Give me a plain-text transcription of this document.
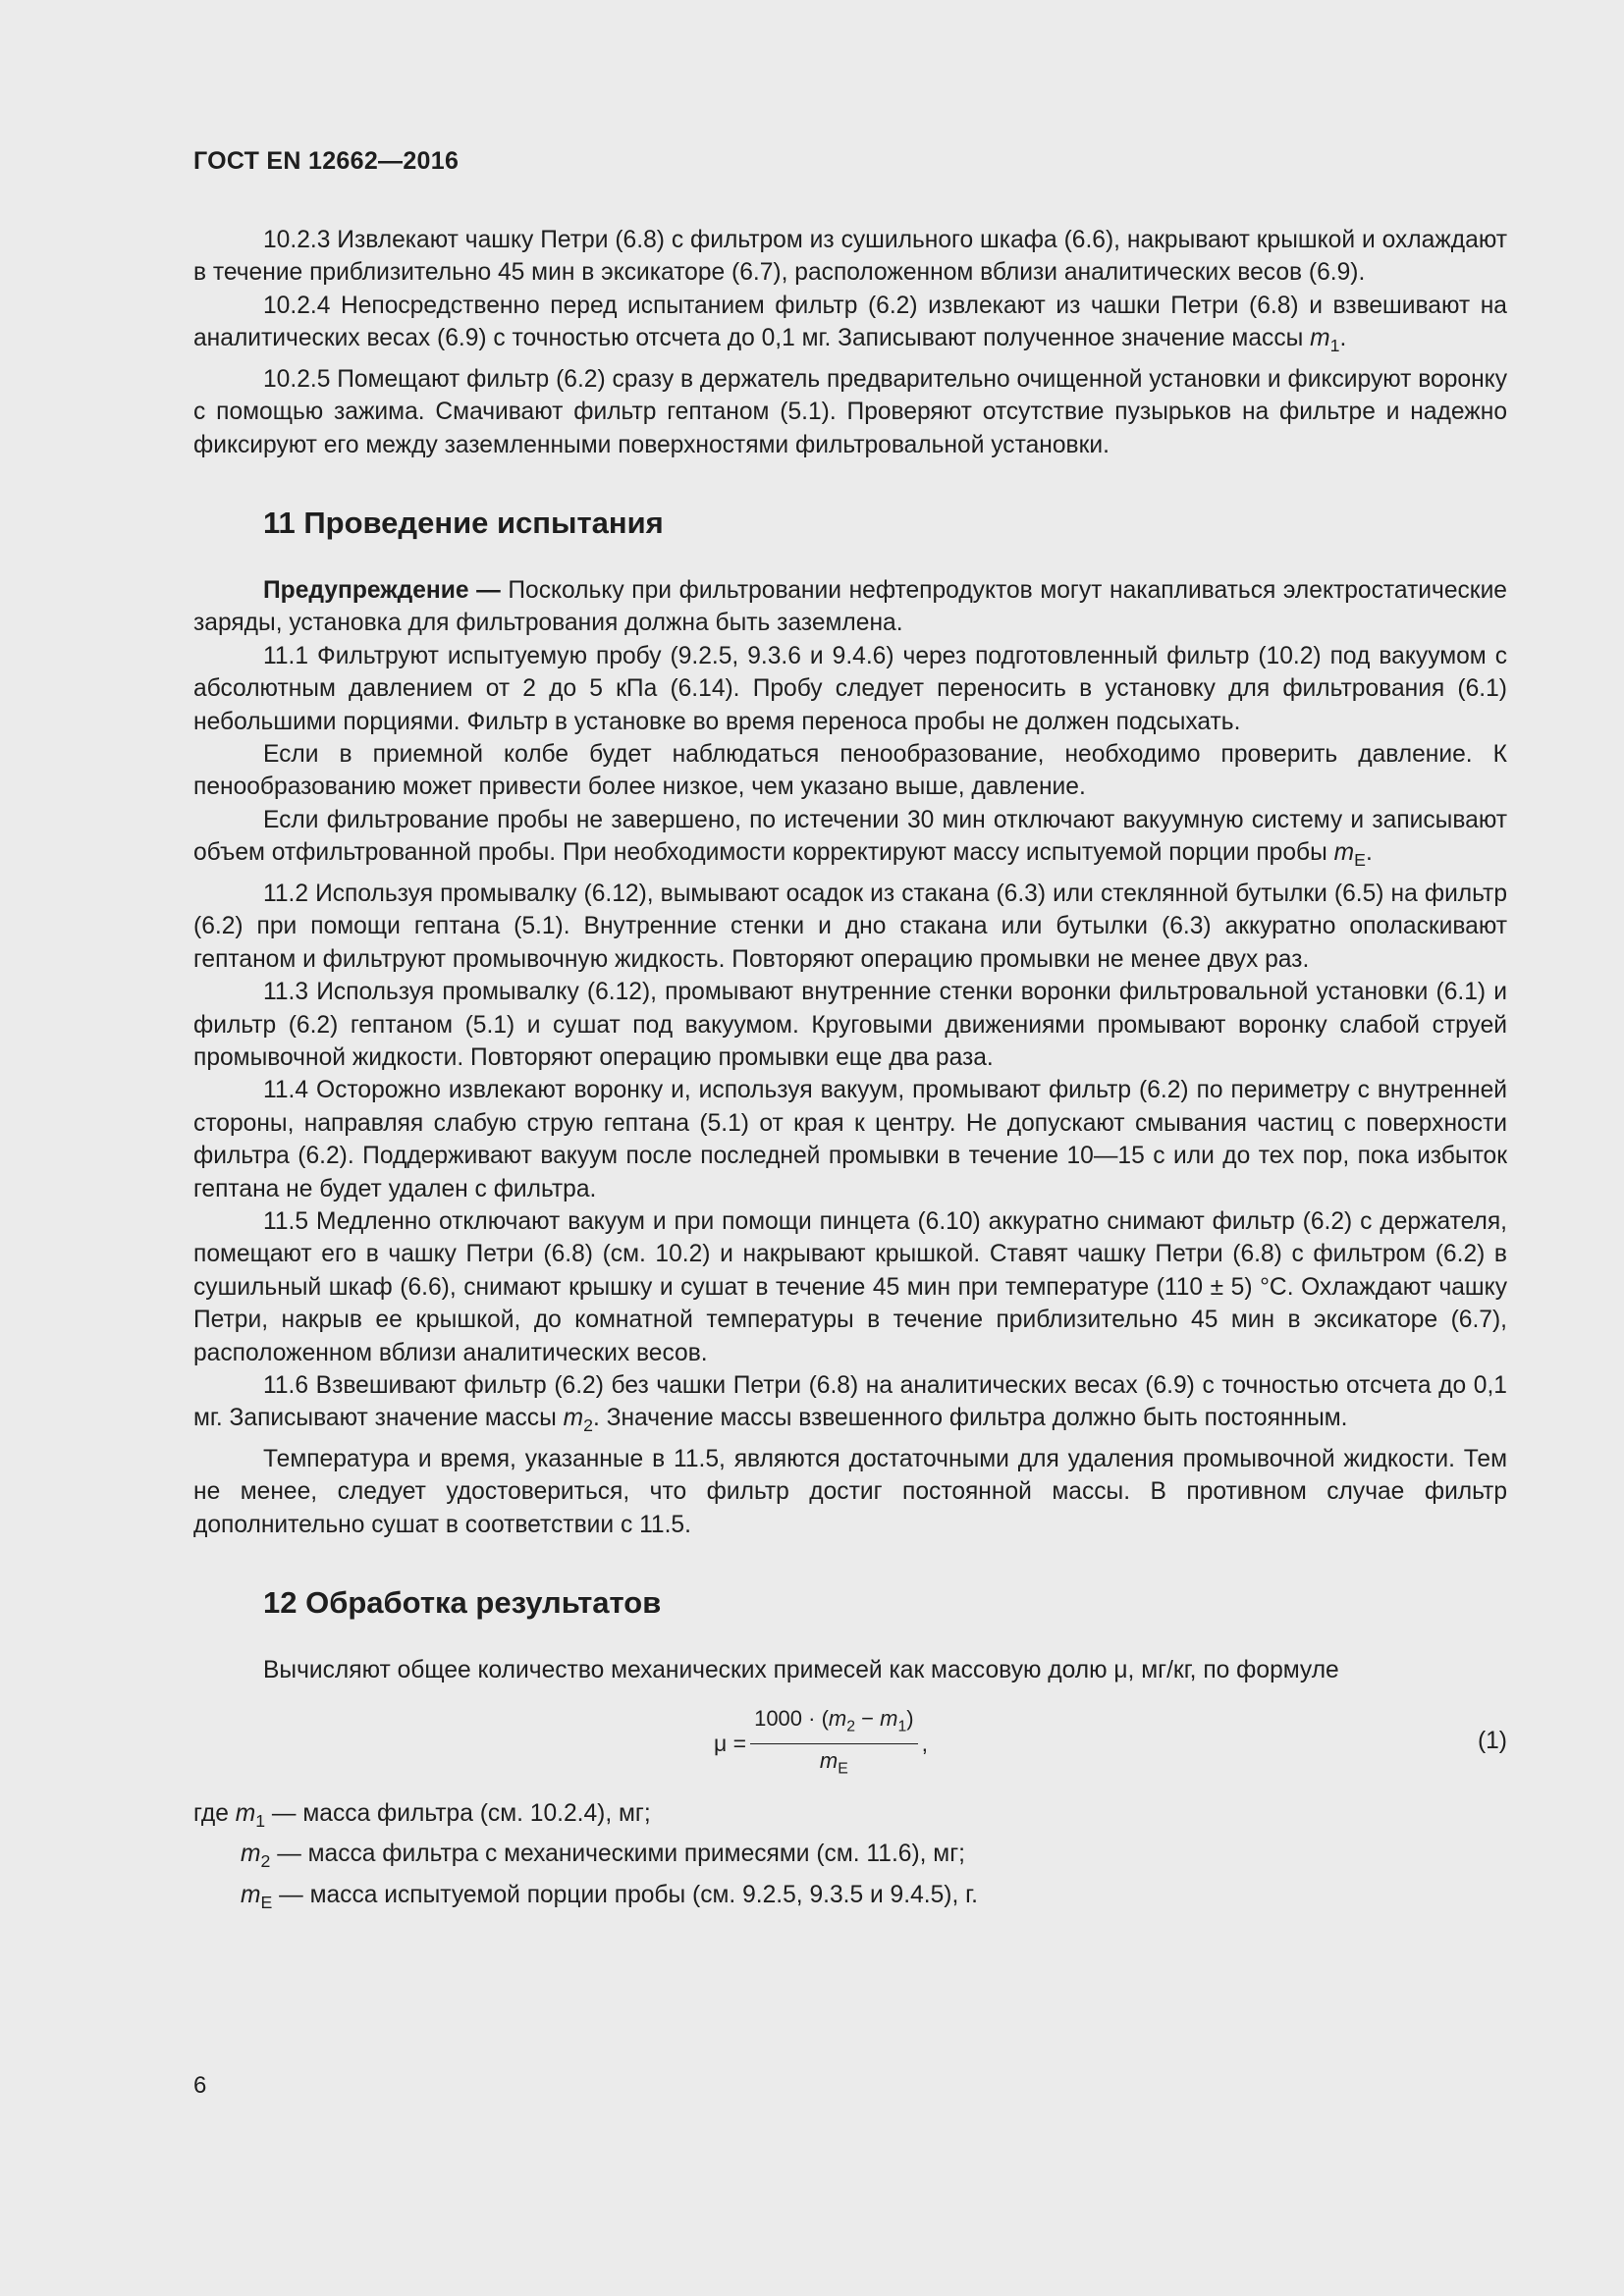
ГОСТ EN 12662—2016

10.2.3 Извлекают чашку Петри (6.8) с фильтром из сушильного шкафа (6.6), накрывают крышкой и охлаждают в течение приблизительно 45 мин в эксикаторе (6.7), расположенном вблизи аналитических весов (6.9).

10.2.4 Непосредственно перед испытанием фильтр (6.2) извлекают из чашки Петри (6.8) и взвешивают на аналитических весах (6.9) с точностью отсчета до 0,1 мг. Записывают полученное значение массы $m_1$.

10.2.5 Помещают фильтр (6.2) сразу в держатель предварительно очищенной установки и фиксируют воронку с помощью зажима. Смачивают фильтр гептаном (5.1). Проверяют отсутствие пузырьков на фильтре и надежно фиксируют его между заземленными поверхностями фильтровальной установки.

11 Проведение испытания

Предупреждение — Поскольку при фильтровании нефтепродуктов могут накапливаться электростатические заряды, установка для фильтрования должна быть заземлена.

11.1 Фильтруют испытуемую пробу (9.2.5, 9.3.6 и 9.4.6) через подготовленный фильтр (10.2) под вакуумом с абсолютным давлением от 2 до 5 кПа (6.14). Пробу следует переносить в установку для фильтрования (6.1) небольшими порциями. Фильтр в установке во время переноса пробы не должен подсыхать.

Если в приемной колбе будет наблюдаться пенообразование, необходимо проверить давление. К пенообразованию может привести более низкое, чем указано выше, давление.

Если фильтрование пробы не завершено, по истечении 30 мин отключают вакуумную систему и записывают объем отфильтрованной пробы. При необходимости корректируют массу испытуемой порции пробы $m_E$.

11.2 Используя промывалку (6.12), вымывают осадок из стакана (6.3) или стеклянной бутылки (6.5) на фильтр (6.2) при помощи гептана (5.1). Внутренние стенки и дно стакана или бутылки (6.3) аккуратно ополаскивают гептаном и фильтруют промывочную жидкость. Повторяют операцию промывки не менее двух раз.

11.3 Используя промывалку (6.12), промывают внутренние стенки воронки фильтровальной установки (6.1) и фильтр (6.2) гептаном (5.1) и сушат под вакуумом. Круговыми движениями промывают воронку слабой струей промывочной жидкости. Повторяют операцию промывки еще два раза.

11.4 Осторожно извлекают воронку и, используя вакуум, промывают фильтр (6.2) по периметру с внутренней стороны, направляя слабую струю гептана (5.1) от края к центру. Не допускают смывания частиц с поверхности фильтра (6.2). Поддерживают вакуум после последней промывки в течение 10—15 с или до тех пор, пока избыток гептана не будет удален с фильтра.

11.5 Медленно отключают вакуум и при помощи пинцета (6.10) аккуратно снимают фильтр (6.2) с держателя, помещают его в чашку Петри (6.8) (см. 10.2) и накрывают крышкой. Ставят чашку Петри (6.8) с фильтром (6.2) в сушильный шкаф (6.6), снимают крышку и сушат в течение 45 мин при температуре (110 ± 5) °С. Охлаждают чашку Петри, накрыв ее крышкой, до комнатной температуры в течение приблизительно 45 мин в эксикаторе (6.7), расположенном вблизи аналитических весов.

11.6 Взвешивают фильтр (6.2) без чашки Петри (6.8) на аналитических весах (6.9) с точностью отсчета до 0,1 мг. Записывают значение массы $m_2$. Значение массы взвешенного фильтра должно быть постоянным.

Температура и время, указанные в 11.5, являются достаточными для удаления промывочной жидкости. Тем не менее, следует удостовериться, что фильтр достиг постоянной массы. В противном случае фильтр дополнительно сушат в соответствии с 11.5.

12 Обработка результатов

Вычисляют общее количество механических примесей как массовую долю μ, мг/кг, по формуле

$\mu = \frac{1000 \cdot (m_2 - m_1)}{m_E}$ ,	(1)

где $m_1$ — масса фильтра (см. 10.2.4), мг;

$m_2$ — масса фильтра с механическими примесями (см. 11.6), мг;

$m_E$ — масса испытуемой порции пробы (см. 9.2.5, 9.3.5 и 9.4.5), г.

6
